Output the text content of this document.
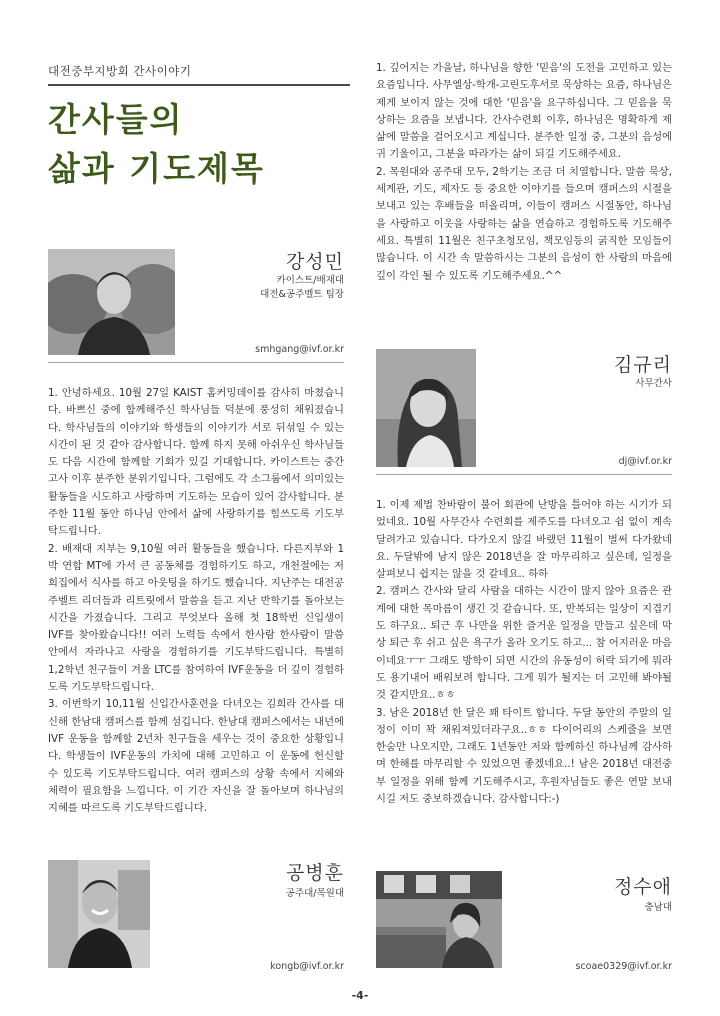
대전중부지방회 간사이야기
간사들의
삶과 기도제목
강성민
카이스트/배재대
대전&공주벨트 팀장
smhgang@ivf.or.kr
1. 안녕하세요. 10월 27일 KAIST 홈커밍데이를 감사히 마쳤습니다. 바쁘신 중에 함께해주신 학사님들 덕분에 풍성히 채워졌습니다. 학사님들의 이야기와 학생들의 이야기가 서로 뒤섞일 수 있는 시간이 된 것 같아 감사합니다. 함께 하지 못해 아쉬우신 학사님들도 다음 시간에 함께할 기회가 있길 기대합니다. 카이스트는 중간고사 이후 분주한 분위기입니다. 그럼에도 각 소그룹에서 의미있는 활동들을 시도하고 사랑하며 기도하는 모습이 있어 감사합니다. 분주한 11월 동안 하나님 안에서 삶에 사랑하기를 힘쓰도록 기도부탁드립니다.
2. 배재대 지부는 9,10월 여러 활동들을 했습니다. 다른지부와 1박 연합 MT에 가서 큰 공동체를 경험하기도 하고, 개천절에는 저희집에서 식사를 하고 아웃팅을 하기도 했습니다. 지난주는 대전공주벨트 리더들과 리트릿에서 말씀을 듣고 지난 반학기를 돌아보는 시간을 가졌습니다. 그리고 무엇보다 올해 첫 18학번 신입생이 IVF를 찾아왔습니다!! 여러 노력들 속에서 한사람 한사람이 말씀 안에서 자라나고 사랑을 경험하기를 기도부탁드립니다. 특별히 1,2학년 친구들이 겨울 LTC를 참여하여 IVF운동을 더 깊이 경험하도록 기도부탁드립니다.
3. 이번학기 10,11월 신입간사훈련을 다녀오는 김희라 간사를 대신해 한남대 캠퍼스를 함께 섬깁니다. 한남대 캠퍼스에서는 내년에 IVF 운동을 함께할 2년차 친구들을 세우는 것이 중요한 상황입니다. 학생들이 IVF운동의 가치에 대해 고민하고 이 운동에 헌신할 수 있도록 기도부탁드립니다. 여러 캠퍼스의 상황 속에서 지혜와 체력이 필요함을 느낍니다. 이 기간 자신을 잘 돌아보며 하나님의 지혜를 따르도록 기도부탁드립니다.
공병훈
공주대/목원대
kongb@ivf.or.kr
1. 깊어지는 가을날, 하나님을 향한 '믿음'의 도전을 고민하고 있는 요즘입니다. 사무엘상-학개-고린도후서로 묵상하는 요즘, 하나님은 제게 보이지 않는 것에 대한 '믿음'을 요구하십니다. 그 믿음을 묵상하는 요즘을 보냅니다. 간사수련회 이후, 하나님은 명확하게 제 삶에 말씀을 걸어오시고 계십니다. 분주한 일정 중, 그분의 음성에 귀 기울이고, 그분을 따라가는 삶이 되길 기도해주세요.
2. 목원대와 공주대 모두, 2학기는 조금 더 치열합니다. 말씀 묵상, 세계관, 기도, 제자도 등 중요한 이야기를 들으며 캠퍼스의 시절을 보내고 있는 후배들을 떠올리며, 이들이 캠퍼스 시절동안, 하나님을 사랑하고 이웃을 사랑하는 삶을 연습하고 경험하도록 기도해주세요. 특별히 11월은 친구초청모임, 책모임등의 굵직한 모임들이 많습니다. 이 시간 속 말씀하시는 그분의 음성이 한 사람의 마음에 깊이 각인 될 수 있도록 기도해주세요.^^
김규리
사무간사
dj@ivf.or.kr
1. 이제 제법 찬바람이 불어 회관에 난방을 틀어야 하는 시기가 되었네요. 10월 사무간사 수련회를 제주도를 다녀오고 쉼 없이 계속 달려가고 있습니다. 다가오지 않길 바랬던 11월이 벌써 다가왔네요. 두달밖에 남지 않은 2018년을 잘 마무리하고 싶은데, 일정을 살펴보니 쉽지는 않을 것 같네요.. 하하
2. 캠퍼스 간사와 달리 사람을 대하는 시간이 많지 않아 요즘은 관계에 대한 목마름이 생긴 것 같습니다. 또, 반복되는 일상이 지겹기도 하구요.. 퇴근 후 나만을 위한 즐거운 일정을 만들고 싶은데 막상 퇴근 후 쉬고 싶은 욕구가 올라 오기도 하고... 참 어지러운 마음이네요ㅜㅜ 그래도 방학이 되면 시간의 유동성이 허락 되기에 뭐라도 용기내어 배워보려 합니다. 그게 뭐가 될지는 더 고민해 봐야될 것 같지만요..ㅎㅎ
3. 남은 2018년 한 달은 꽤 타이트 합니다. 두달 동안의 주말의 일정이 이미 꽉 채워져있더라구요..ㅎㅎ 다이어리의 스케줄을 보면 한숨만 나오지만, 그래도 1년동안 저와 함께하신 하나님께 감사하며 한해를 마무리할 수 있었으면 좋겠네요..! 남은 2018년 대전중부 일정을 위해 함께 기도해주시고, 후원자님들도 좋은 연말 보내시길 저도 중보하겠습니다. 감사합니다:-)
정수애
충남대
scoae0329@ivf.or.kr
-4-
